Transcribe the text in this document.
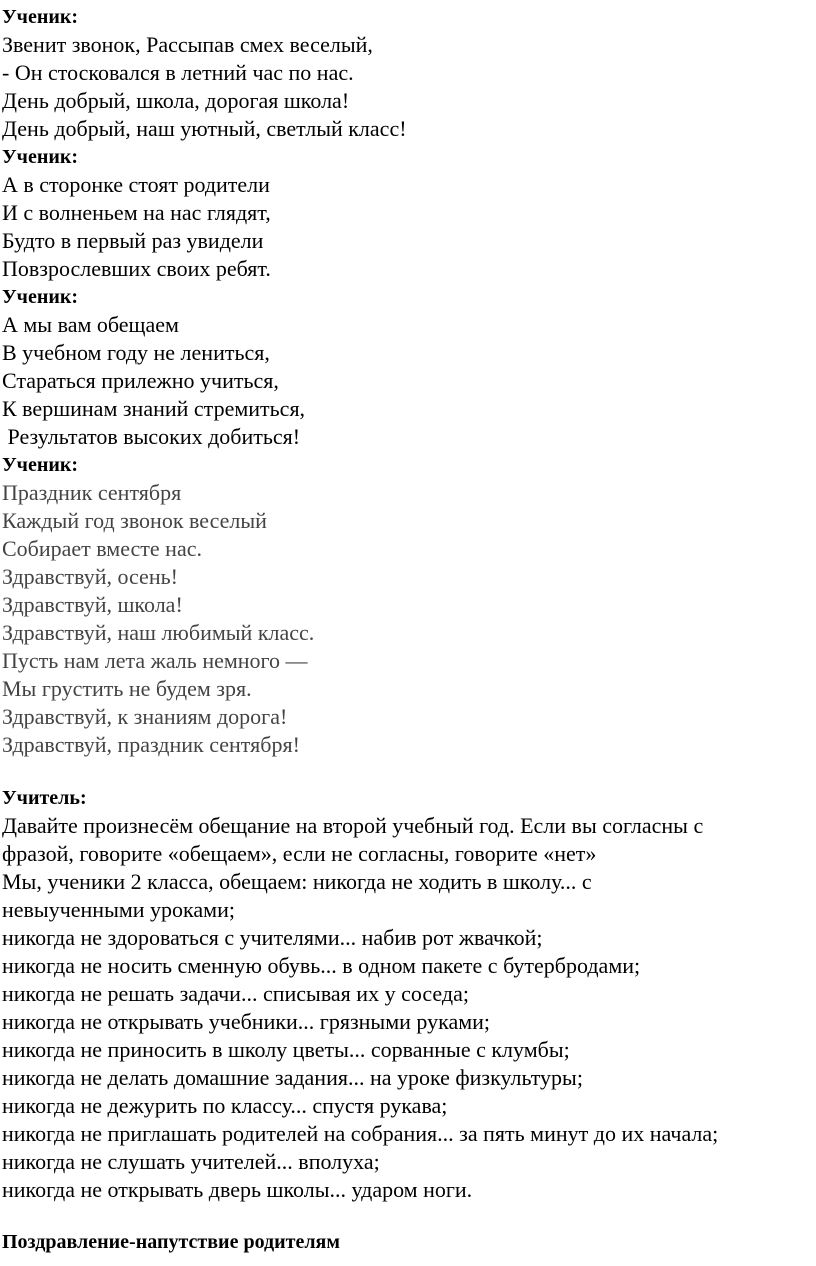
Ученик:

Звенит звонок, Рассыпав смех веселый,

- Он стосковался в летний час по нас.

День добрый, школа, дорогая школа!

День добрый, наш уютный, светлый класс!

Ученик:

А в сторонке стоят родители

И с волненьем на нас глядят,

Будто в первый раз увидели

Повзрослевших своих ребят.

Ученик:

А мы вам обещаем

В учебном году не лениться,

Стараться прилежно учиться,

К вершинам знаний стремиться,

Результатов высоких добиться!

Ученик:

Праздник сентября

Каждый год звонок веселый

Собирает вместе нас.

Здравствуй, осень!

Здравствуй, школа!

Здравствуй, наш любимый класс.

Пусть нам лета жаль немного —

Мы грустить не будем зря.

Здравствуй, к знаниям дорога!

Здравствуй, праздник сентября!

Учитель:

Давайте произнесём обещание на второй учебный год. Если вы согласны с

фразой, говорите «обещаем», если не согласны, говорите «нет»

Мы, ученики 2 класса, обещаем: никогда не ходить в школу... с

невыученными уроками;

никогда не здороваться с учителями... набив рот жвачкой;

никогда не носить сменную обувь... в одном пакете с бутербродами;

никогда не решать задачи... списывая их у соседа;

никогда не открывать учебники... грязными руками;

никогда не приносить в школу цветы... сорванные с клумбы;

никогда не делать домашние задания... на уроке физкультуры;

никогда не дежурить по классу... спустя рукава;

никогда не приглашать родителей на собрания... за пять минут до их начала;

никогда не слушать учителей... вполуха;

никогда не открывать дверь школы... ударом ноги.

Поздравление-напутствие родителям
